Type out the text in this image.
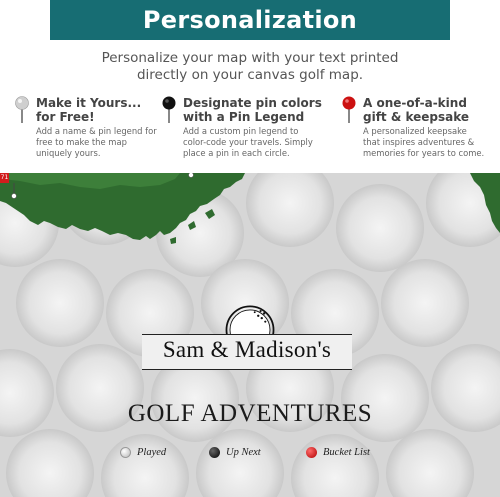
Personalization
Personalize your map with your text printed
directly on your canvas golf map.
Make it Yours...
for Free!
Add a name & pin legend for
free to make the map
uniquely yours.
Designate pin colors
with a Pin Legend
Add a custom pin legend to
color-code your travels. Simply
place a pin in each circle.
A one-of-a-kind
gift & keepsake
A personalized keepsake
that inspires adventures &
memories for years to come.
71
Sam & Madison's
GOLF ADVENTURES
Played	Up Next	Bucket List
